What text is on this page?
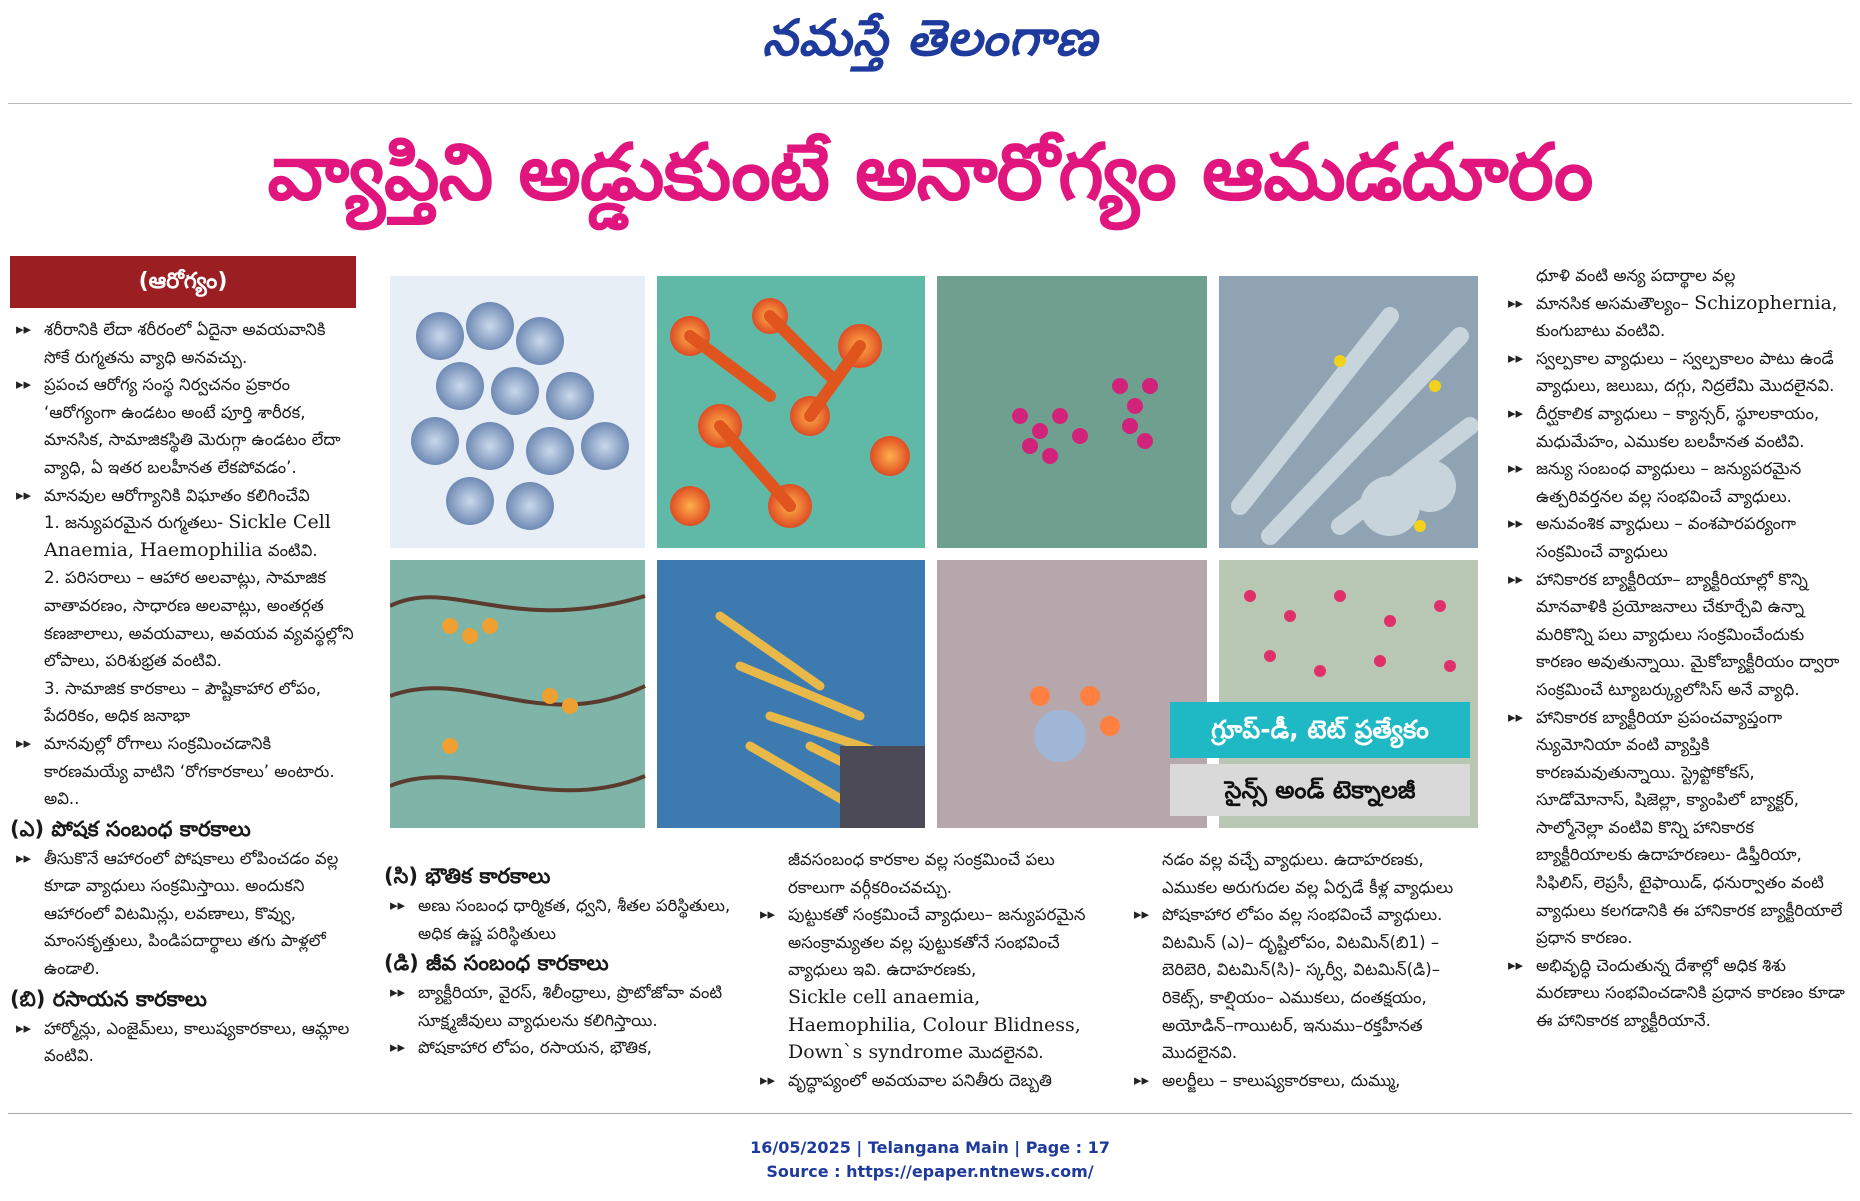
నమస్తే తెలంగాణ
వ్యాప్తిని అడ్డుకుంటే అనారోగ్యం ఆమడదూరం
(ఆరోగ్యం)

▸▸ శరీరానికి లేదా శరీరంలో ఏదైనా అవయవానికి సోకే రుగ్మతను వ్యాధి అనవచ్చు.

▸▸ ప్రపంచ ఆరోగ్య సంస్థ నిర్వచనం ప్రకారం ‘ఆరోగ్యంగా ఉండటం అంటే పూర్తి శారీరక, మానసిక, సామాజికస్థితి మెరుగ్గా ఉండటం లేదా వ్యాధి, ఏ ఇతర బలహీనత లేకపోవడం’.

▸▸ మానవుల ఆరోగ్యానికి విఘాతం కలిగించేవి

1. జన్యుపరమైన రుగ్మతలు- Sickle Cell Anaemia, Haemophilia వంటివి.

2. పరిసరాలు – ఆహార అలవాట్లు, సామాజిక వాతావరణం, సాధారణ అలవాట్లు, అంతర్గత కణజాలాలు, అవయవాలు, అవయవ వ్యవస్థల్లోని లోపాలు, పరిశుభ్రత వంటివి.

3. సామాజిక కారకాలు – పౌష్టికాహార లోపం, పేదరికం, అధిక జనాభా

▸▸ మానవుల్లో రోగాలు సంక్రమించడానికి కారణమయ్యే వాటిని ‘రోగకారకాలు’ అంటారు. అవి..

(ఎ) పోషక సంబంధ కారకాలు

▸▸ తీసుకొనే ఆహారంలో పోషకాలు లోపించడం వల్ల కూడా వ్యాధులు సంక్రమిస్తాయి. అందుకని ఆహారంలో విటమిన్లు, లవణాలు, కొవ్వు, మాంసకృత్తులు, పిండిపదార్థాలు తగు పాళ్లలో ఉండాలి.

(బి) రసాయన కారకాలు

▸▸ హార్మోన్లు, ఎంజైమ్‌లు, కాలుష్యకారకాలు, ఆమ్లాల వంటివి.

గ్రూప్-డీ, టెట్ ప్రత్యేకం
సైన్స్ అండ్ టెక్నాలజీ

(సి) భౌతిక కారకాలు

▸▸ అణు సంబంధ ధార్మికత, ధ్వని, శీతల పరిస్థితులు, అధిక ఉష్ణ పరిస్థితులు

(డి) జీవ సంబంధ కారకాలు

▸▸ బ్యాక్టీరియా, వైరస్, శిలీంధ్రాలు, ప్రొటోజోవా వంటి సూక్ష్మజీవులు వ్యాధులను కలిగిస్తాయి.

▸▸ పోషకాహార లోపం, రసాయన, భౌతిక,

జీవసంబంధ కారకాల వల్ల సంక్రమించే పలు రకాలుగా వర్గీకరించవచ్చు.

▸▸ పుట్టుకతో సంక్రమించే వ్యాధులు– జన్యుపరమైన అసంక్రామ్యతల వల్ల పుట్టుకతోనే సంభవించే వ్యాధులు ఇవి. ఉదాహరణకు,

Sickle cell anaemia, Haemophilia, Colour Blidness, Down`s syndrome మొదలైనవి.

▸▸ వృద్ధాప్యంలో అవయవాల పనితీరు దెబ్బతి

నడం వల్ల వచ్చే వ్యాధులు. ఉదాహరణకు, ఎముకల అరుగుదల వల్ల ఏర్పడే కీళ్ల వ్యాధులు

▸▸ పోషకాహార లోపం వల్ల సంభవించే వ్యాధులు. విటమిన్ (ఎ)– దృష్టిలోపం, విటమిన్(బి1) – బెరిబెరి, విటమిన్(సి)- స్కర్వీ, విటమిన్(డి)– రికెట్స్, కాల్షియం– ఎముకలు, దంతక్షయం, అయోడిన్–గాయిటర్, ఇనుము–రక్తహీనత మొదలైనవి.

▸▸ అలర్జీలు – కాలుష్యకారకాలు, దుమ్ము,

ధూళి వంటి అన్య పదార్థాల వల్ల

▸▸ మానసిక అసమతౌల్యం– Schizophernia, కుంగుబాటు వంటివి.

▸▸ స్వల్పకాల వ్యాధులు – స్వల్పకాలం పాటు ఉండే వ్యాధులు, జలుబు, దగ్గు, నిద్రలేమి మొదలైనవి.

▸▸ దీర్ఘకాలిక వ్యాధులు – క్యాన్సర్, స్థూలకాయం, మధుమేహం, ఎముకల బలహీనత వంటివి.

▸▸ జన్యు సంబంధ వ్యాధులు – జన్యుపరమైన ఉత్పరివర్తనల వల్ల సంభవించే వ్యాధులు.

▸▸ అనువంశిక వ్యాధులు – వంశపారపర్యంగా సంక్రమించే వ్యాధులు

▸▸ హానికారక బ్యాక్టీరియా– బ్యాక్టీరియాల్లో కొన్ని మానవాళికి ప్రయోజనాలు చేకూర్చేవి ఉన్నా మరికొన్ని పలు వ్యాధులు సంక్రమించేందుకు కారణం అవుతున్నాయి. మైకోబ్యాక్టీరియం ద్వారా సంక్రమించే ట్యూబర్క్యులోసిస్ అనే వ్యాధి.

▸▸ హానికారక బ్యాక్టీరియా ప్రపంచవ్యాప్తంగా న్యుమోనియా వంటి వ్యాప్తికి కారణమవుతున్నాయి. స్ట్రెప్టోకోకస్, సూడోమోనాస్, షిజెల్లా, క్యాంపిలో బ్యాక్టర్, సాల్మోనెల్లా వంటివి కొన్ని హానికారక బ్యాక్టీరియాలకు ఉదాహరణలు- డిఫ్తీరియా, సిఫిలిస్, లెప్రసీ, టైఫాయిడ్, ధనుర్వాతం వంటి వ్యాధులు కలగడానికి ఈ హానికారక బ్యాక్టీరియాలే ప్రధాన కారణం.

▸▸ అభివృద్ధి చెందుతున్న దేశాల్లో అధిక శిశు మరణాలు సంభవించడానికి ప్రధాన కారణం కూడా ఈ హానికారక బ్యాక్టీరియానే.

16/05/2025 | Telangana Main | Page : 17
Source : https://epaper.ntnews.com/
